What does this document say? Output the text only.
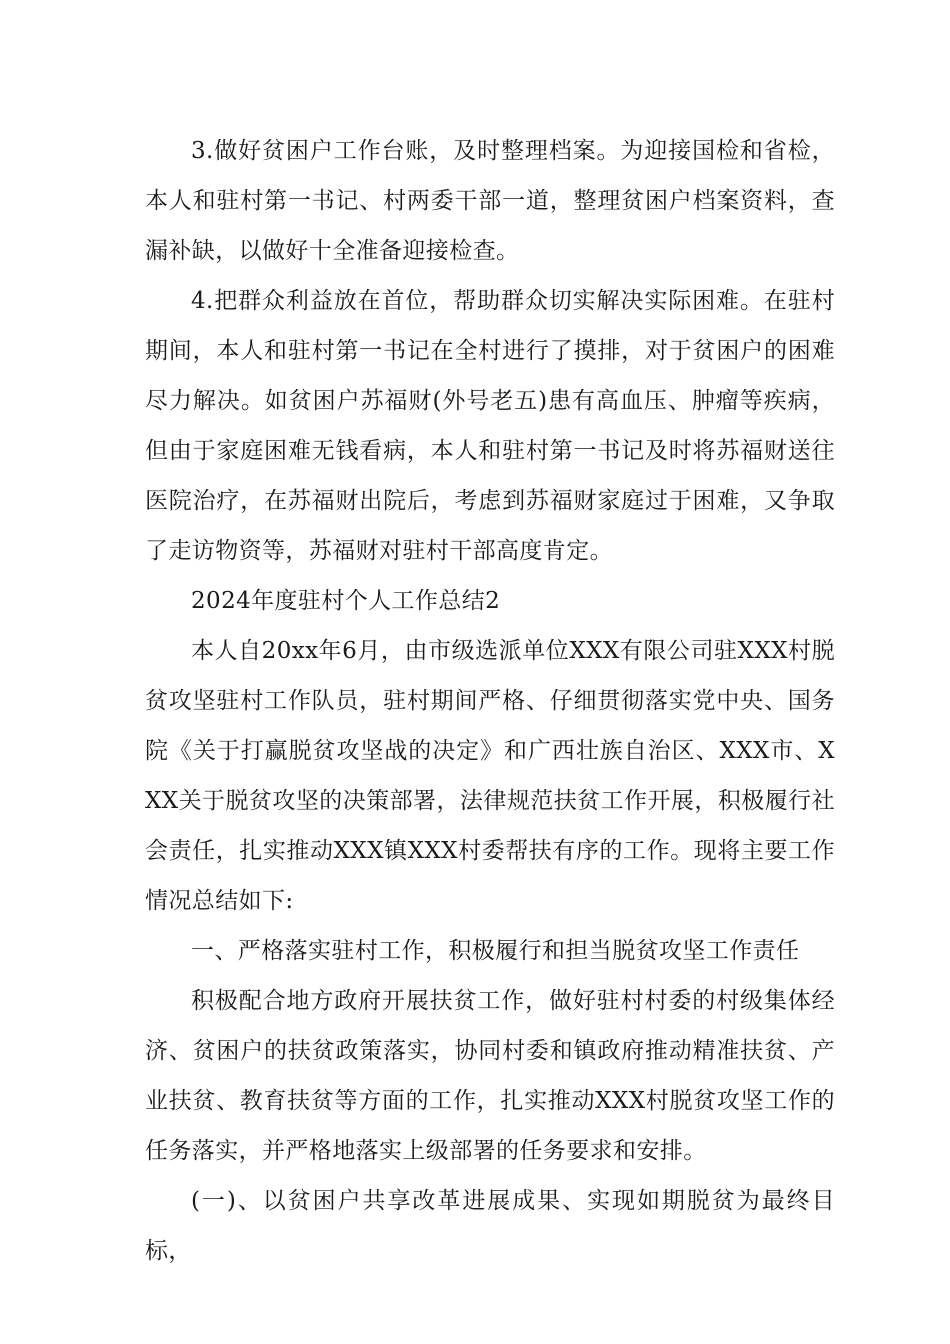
3.做好贫困户工作台账，及时整理档案。为迎接国检和省检，本人和驻村第一书记、村两委干部一道，整理贫困户档案资料，查漏补缺，以做好十全准备迎接检查。

4.把群众利益放在首位，帮助群众切实解决实际困难。在驻村期间，本人和驻村第一书记在全村进行了摸排，对于贫困户的困难尽力解决。如贫困户苏福财(外号老五)患有高血压、肿瘤等疾病，但由于家庭困难无钱看病，本人和驻村第一书记及时将苏福财送往医院治疗，在苏福财出院后，考虑到苏福财家庭过于困难，又争取了走访物资等，苏福财对驻村干部高度肯定。

2024年度驻村个人工作总结2

本人自20xx年6月，由市级选派单位XXX有限公司驻XXX村脱贫攻坚驻村工作队员，驻村期间严格、仔细贯彻落实党中央、国务院《关于打赢脱贫攻坚战的决定》和广西壮族自治区、XXX市、XXX关于脱贫攻坚的决策部署，法律规范扶贫工作开展，积极履行社会责任，扎实推动XXX镇XXX村委帮扶有序的工作。现将主要工作情况总结如下:

一、严格落实驻村工作，积极履行和担当脱贫攻坚工作责任

积极配合地方政府开展扶贫工作，做好驻村村委的村级集体经济、贫困户的扶贫政策落实，协同村委和镇政府推动精准扶贫、产业扶贫、教育扶贫等方面的工作，扎实推动XXX村脱贫攻坚工作的任务落实，并严格地落实上级部署的任务要求和安排。

(一)、以贫困户共享改革进展成果、实现如期脱贫为最终目标，
